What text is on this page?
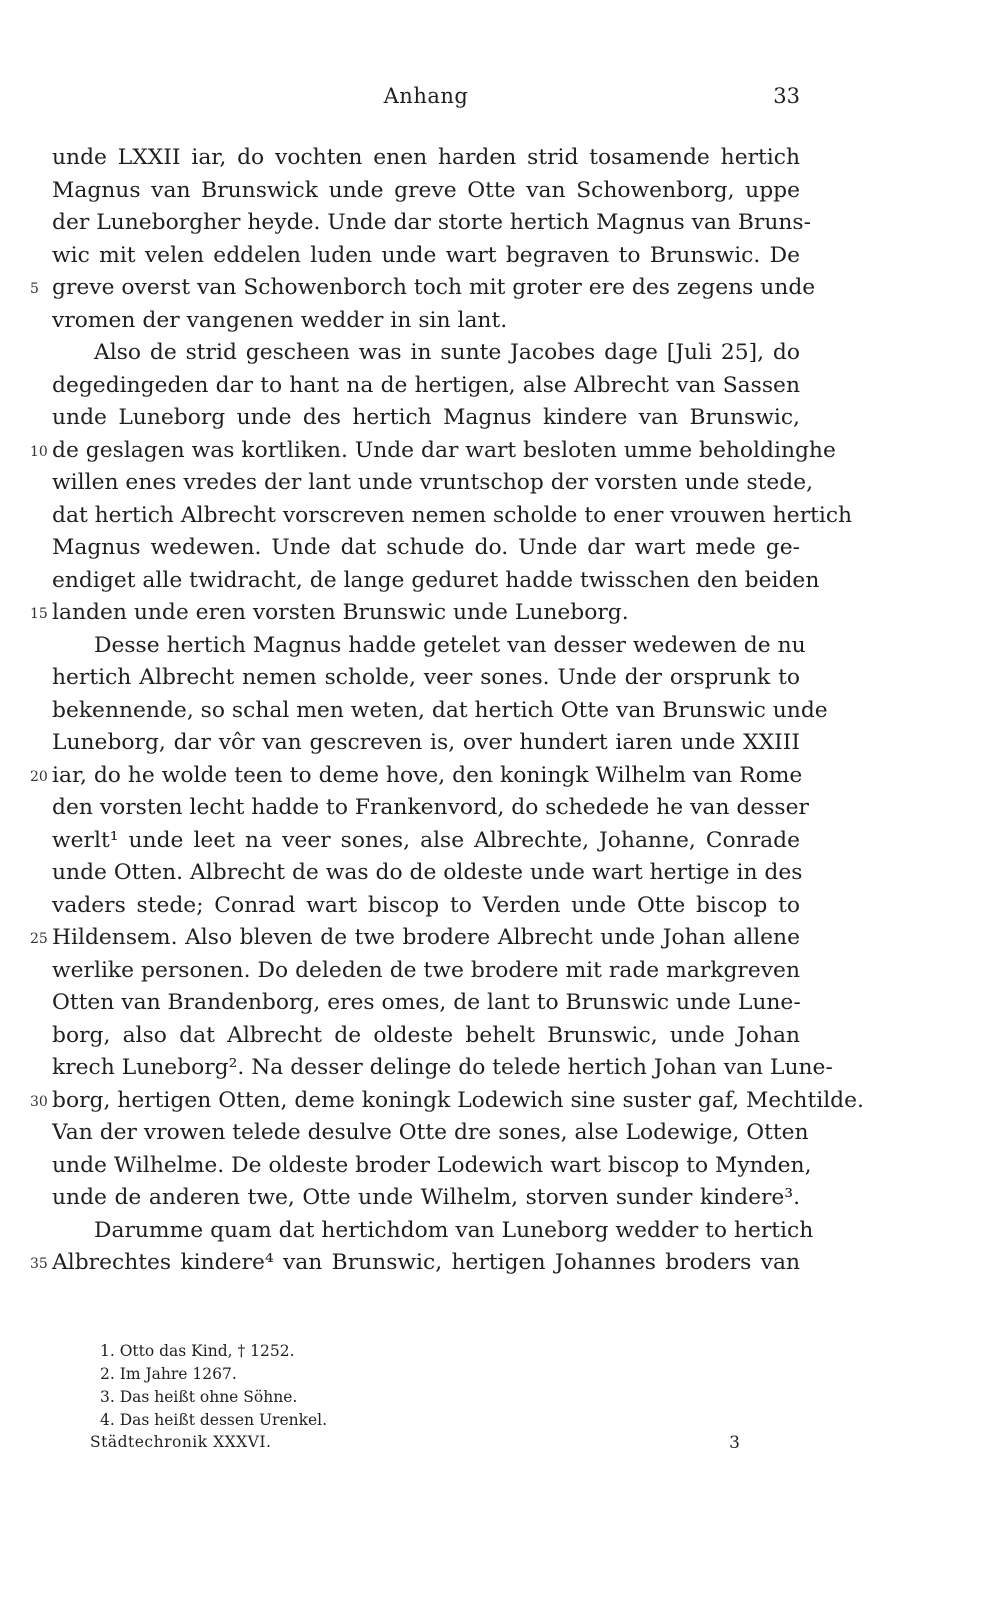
Anhang	33
unde LXXII iar, do vochten enen harden strid tosamende hertich
Magnus van Brunswick unde greve Otte van Schowenborg, uppe
der Luneborgher heyde. Unde dar storte hertich Magnus van Bruns-
wic mit velen eddelen luden unde wart begraven to Brunswic. De
greve overst van Schowenborch toch mit groter ere des zegens unde
5
vromen der vangenen wedder in sin lant.
Also de strid gescheen was in sunte Jacobes dage [Juli 25], do
degedingeden dar to hant na de hertigen, alse Albrecht van Sassen
unde Luneborg unde des hertich Magnus kindere van Brunswic,
de geslagen was kortliken. Unde dar wart besloten umme beholdinghe
10
willen enes vredes der lant unde vruntschop der vorsten unde stede,
dat hertich Albrecht vorscreven nemen scholde to ener vrouwen hertich
Magnus wedewen. Unde dat schude do. Unde dar wart mede ge-
endiget alle twidracht, de lange geduret hadde twisschen den beiden
landen unde eren vorsten Brunswic unde Luneborg.
15
Desse hertich Magnus hadde getelet van desser wedewen de nu
hertich Albrecht nemen scholde, veer sones. Unde der orsprunk to
bekennende, so schal men weten, dat hertich Otte van Brunswic unde
Luneborg, dar vôr van gescreven is, over hundert iaren unde XXIII
iar, do he wolde teen to deme hove, den koningk Wilhelm van Rome
20
den vorsten lecht hadde to Frankenvord, do schedede he van desser
werlt¹ unde leet na veer sones, alse Albrechte, Johanne, Conrade
unde Otten. Albrecht de was do de oldeste unde wart hertige in des
vaders stede; Conrad wart biscop to Verden unde Otte biscop to
Hildensem. Also bleven de twe brodere Albrecht unde Johan allene
25
werlike personen. Do deleden de twe brodere mit rade markgreven
Otten van Brandenborg, eres omes, de lant to Brunswic unde Lune-
borg, also dat Albrecht de oldeste behelt Brunswic, unde Johan
krech Luneborg². Na desser delinge do telede hertich Johan van Lune-
borg, hertigen Otten, deme koningk Lodewich sine suster gaf, Mechtilde.
30
Van der vrowen telede desulve Otte dre sones, alse Lodewige, Otten
unde Wilhelme. De oldeste broder Lodewich wart biscop to Mynden,
unde de anderen twe, Otte unde Wilhelm, storven sunder kindere³.
Darumme quam dat hertichdom van Luneborg wedder to hertich
Albrechtes kindere⁴ van Brunswic, hertigen Johannes broders van
35
1. Otto das Kind, † 1252.
2. Im Jahre 1267.
3. Das heißt ohne Söhne.
4. Das heißt dessen Urenkel.
Städtechronik XXXVI.	3
